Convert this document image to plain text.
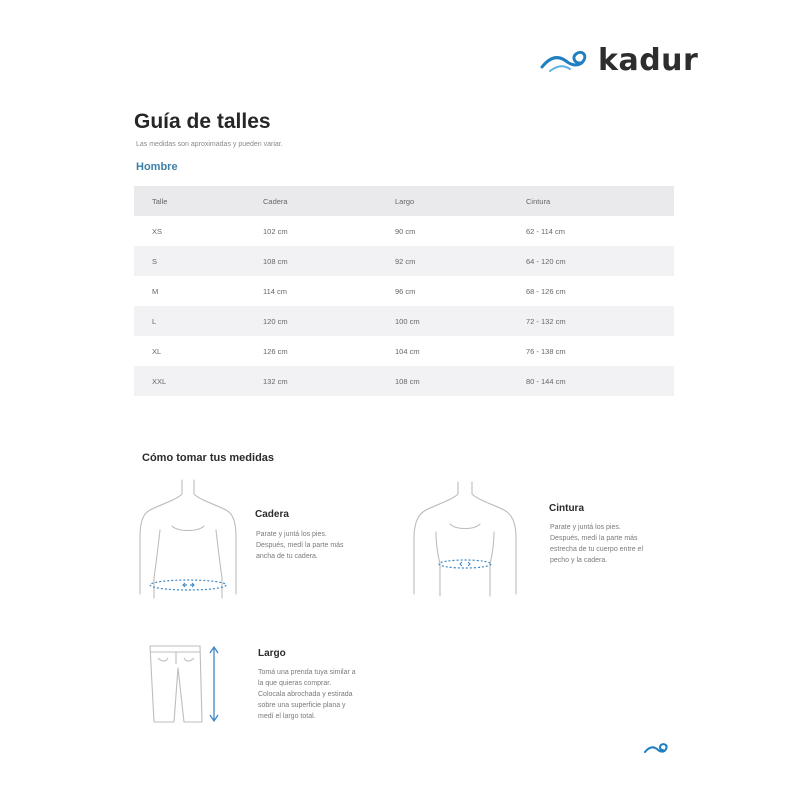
kadur
Guía de talles
Las medidas son aproximadas y pueden variar.
Hombre
Talle	Cadera	Largo	Cintura
XS	102 cm	90 cm	62 - 114 cm
S	108 cm	92 cm	64 - 120 cm
M	114 cm	96 cm	68 - 126 cm
L	120 cm	100 cm	72 - 132 cm
XL	126 cm	104 cm	76 - 138 cm
XXL	132 cm	108 cm	80 - 144 cm
Cómo tomar tus medidas
Cadera

Parate y juntá los pies.

Después, medí la parte más

ancha de tu cadera.

Cintura

Parate y juntá los pies.

Después, medí la parte más

estrecha de tu cuerpo entre el

pecho y la cadera.

Largo

Tomá una prenda tuya similar a

la que quieras comprar.

Colocala abrochada y estirada

sobre una superficie plana y

medí el largo total.
